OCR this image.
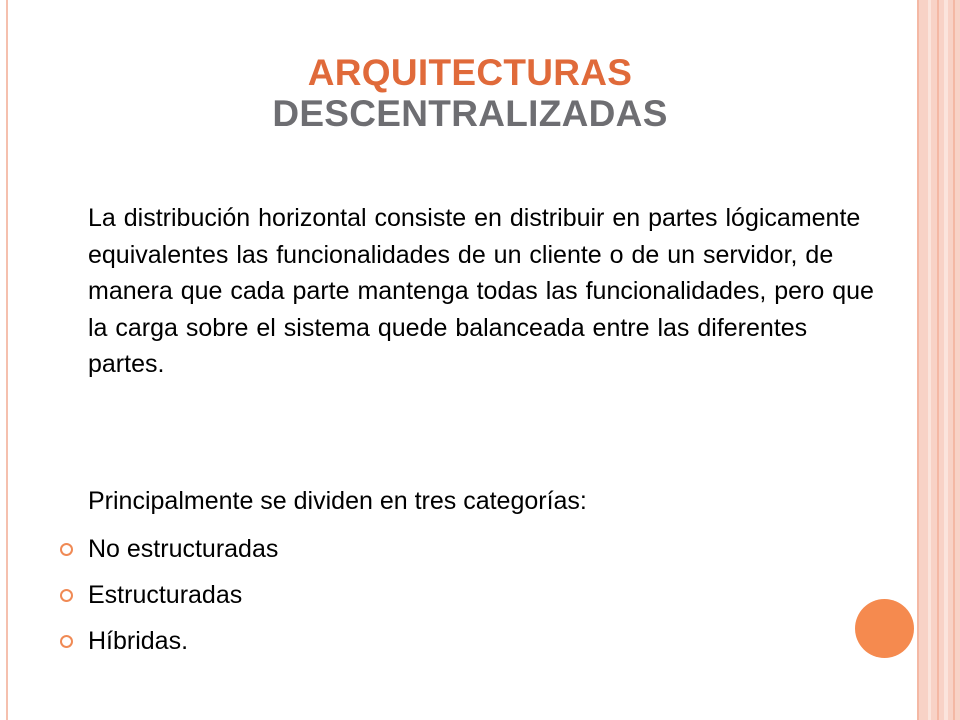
ARQUITECTURAS
DESCENTRALIZADAS
La distribución horizontal consiste en distribuir en partes lógicamente equivalentes las funcionalidades de un cliente o de un servidor, de manera que cada parte mantenga todas las funcionalidades, pero que la carga sobre el sistema quede balanceada entre las diferentes partes.
Principalmente se dividen en tres categorías:
No estructuradas
Estructuradas
Híbridas.
